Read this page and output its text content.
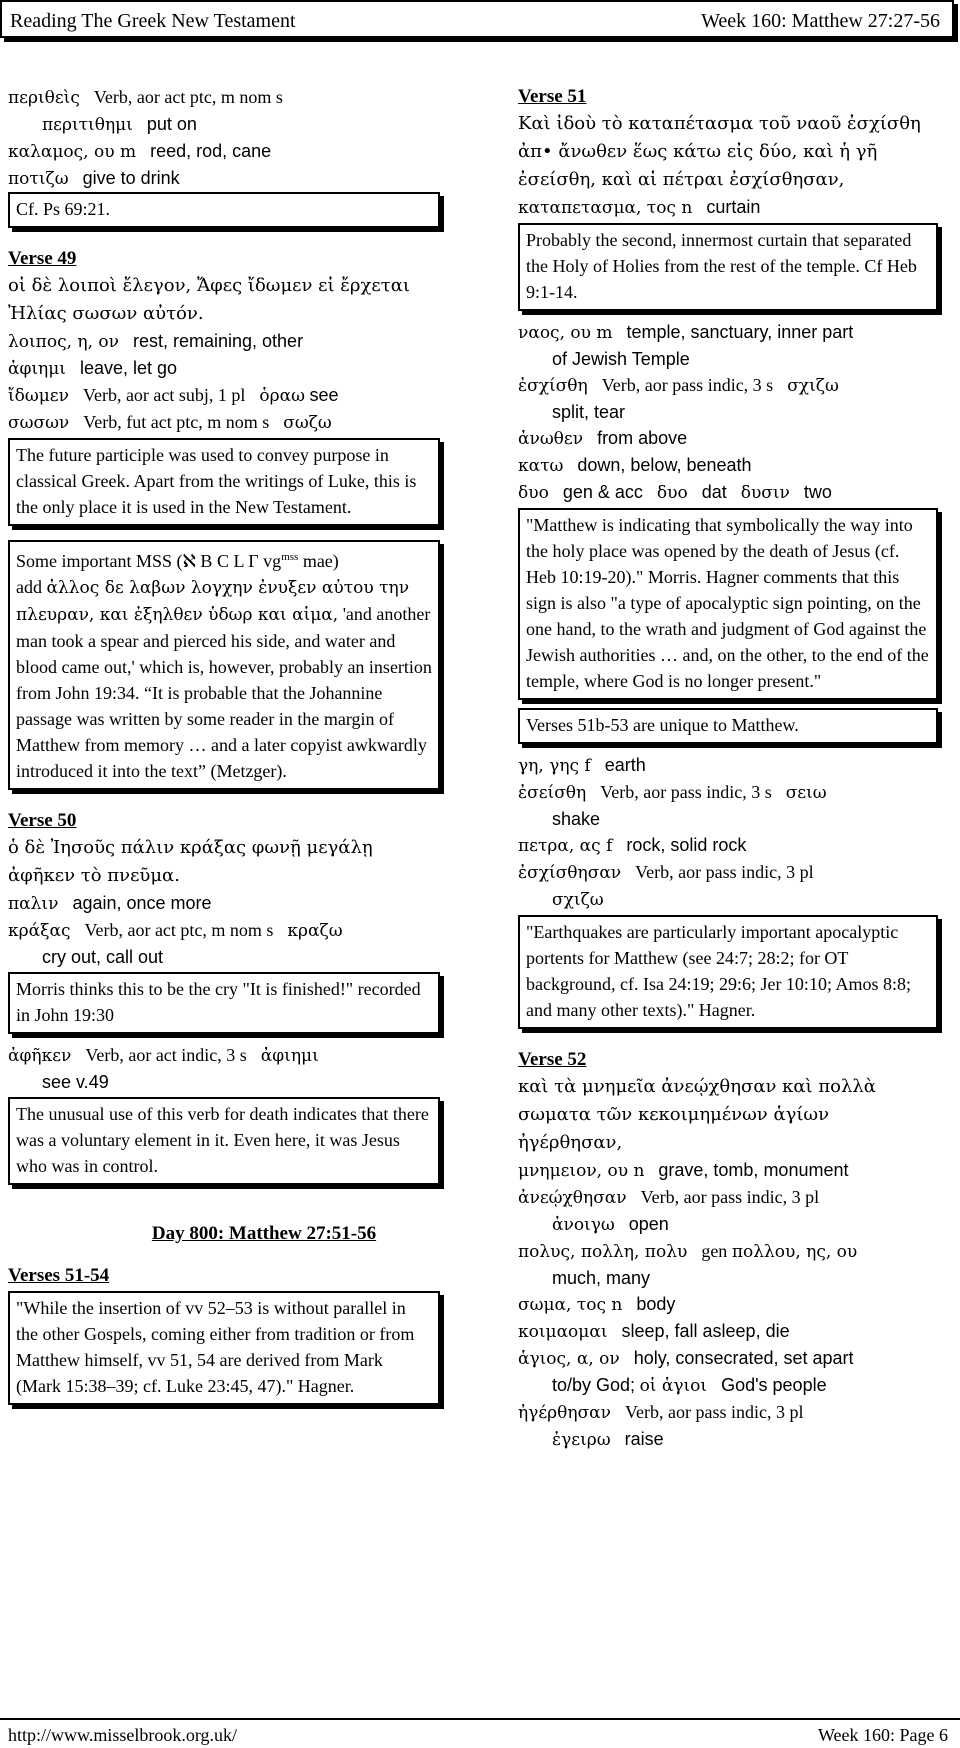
Reading The Greek New Testament	Week 160: Matthew 27:27-56
περιθεὶς Verb, aor act ptc, m nom s
περιτιθημι put on
καλαμος, ου m reed, rod, cane
ποτιζω give to drink
Cf. Ps 69:21.
Verse 49
οἱ δὲ λοιποὶ ἔλεγον, Ἄφες ἴδωμεν εἰ ἔρχεται Ἠλίας σωσων αὐτόν.
λοιπος, η, ον rest, remaining, other
ἀφιημι leave, let go
ἴδωμεν Verb, aor act subj, 1 pl ὁραω see
σωσων Verb, fut act ptc, m nom s σωζω
The future participle was used to convey purpose in classical Greek. Apart from the writings of Luke, this is the only place it is used in the New Testament.
Some important MSS (ℵ B C L Γ $vg^{mss}$ mae)
add ἀλλος δε λαβων λογχην ἐνυξεν αὐτου την πλευραν, και ἐξηλθεν ὑδωρ και αἱμα, 'and another man took a spear and pierced his side, and water and blood came out,' which is, however, probably an insertion from John 19:34. “It is probable that the Johannine passage was written by some reader in the margin of Matthew from memory … and a later copyist awkwardly introduced it into the text” (Metzger).
Verse 50
ὁ δὲ Ἰησοῦς πάλιν κράξας φωνῇ μεγάλῃ ἀφῆκεν τὸ πνεῦμα.
παλιν again, once more
κράξας Verb, aor act ptc, m nom s κραζω
cry out, call out
Morris thinks this to be the cry "It is finished!" recorded in John 19:30
ἀφῆκεν Verb, aor act indic, 3 s ἀφιημι
see v.49
The unusual use of this verb for death indicates that there was a voluntary element in it. Even here, it was Jesus who was in control.
Day 800: Matthew 27:51-56
Verses 51-54
"While the insertion of vv 52–53 is without parallel in the other Gospels, coming either from tradition or from Matthew himself, vv 51, 54 are derived from Mark (Mark 15:38–39; cf. Luke 23:45, 47)." Hagner.
Verse 51
Καὶ ἰδοὺ τὸ καταπέτασμα τοῦ ναοῦ ἐσχίσθη ἀπ• ἄνωθεν ἕως κάτω εἰς δύο, καὶ ἡ γῆ ἐσείσθη, καὶ αἱ πέτραι ἐσχίσθησαν,
καταπετασμα, τος n curtain
Probably the second, innermost curtain that separated the Holy of Holies from the rest of the temple. Cf Heb 9:1-14.
ναος, ου m temple, sanctuary, inner part
of Jewish Temple
ἐσχίσθη Verb, aor pass indic, 3 s σχιζω
split, tear
ἀνωθεν from above
κατω down, below, beneath
δυο gen & acc δυο dat δυσιν two
"Matthew is indicating that symbolically the way into the holy place was opened by the death of Jesus (cf. Heb 10:19-20)." Morris. Hagner comments that this sign is also "a type of apocalyptic sign pointing, on the one hand, to the wrath and judgment of God against the Jewish authorities … and, on the other, to the end of the temple, where God is no longer present."
Verses 51b-53 are unique to Matthew.
γη, γης f earth
ἐσείσθη Verb, aor pass indic, 3 s σειω
shake
πετρα, ας f rock, solid rock
ἐσχίσθησαν Verb, aor pass indic, 3 pl
σχιζω
"Earthquakes are particularly important apocalyptic portents for Matthew (see 24:7; 28:2; for OT background, cf. Isa 24:19; 29:6; Jer 10:10; Amos 8:8; and many other texts)." Hagner.
Verse 52
καὶ τὰ μνημεῖα ἀνεῴχθησαν καὶ πολλὰ σωματα τῶν κεκοιμημένων ἁγίων ἠγέρθησαν,
μνημειον, ου n grave, tomb, monument
ἀνεῴχθησαν Verb, aor pass indic, 3 pl
ἀνοιγω open
πολυς, πολλη, πολυ gen πολλου, ης, ου
much, many
σωμα, τος n body
κοιμαομαι sleep, fall asleep, die
ἁγιος, α, ον holy, consecrated, set apart
to/by God; οἱ ἁγιοι God's people
ἠγέρθησαν Verb, aor pass indic, 3 pl
ἐγειρω raise
http://www.misselbrook.org.uk/	Week 160: Page 6
